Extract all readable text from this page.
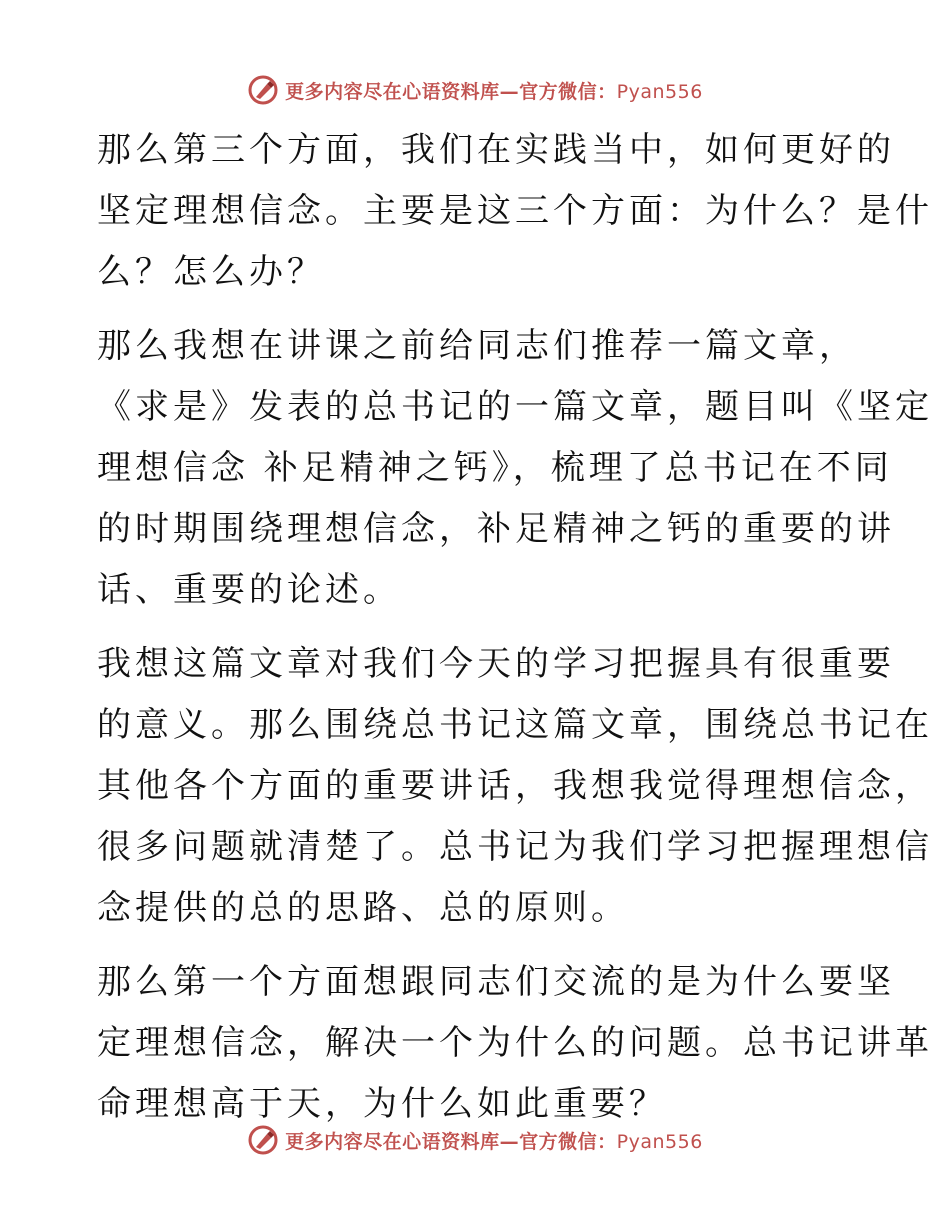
更多内容尽在心语资料库—官方微信：Pyan556

那么第三个方面，我们在实践当中，如何更好的
坚定理想信念。主要是这三个方面：为什么？是什
么？怎么办？

那么我想在讲课之前给同志们推荐一篇文章，
《求是》发表的总书记的一篇文章，题目叫《坚定
理想信念 补足精神之钙》，梳理了总书记在不同
的时期围绕理想信念，补足精神之钙的重要的讲
话、重要的论述。

我想这篇文章对我们今天的学习把握具有很重要
的意义。那么围绕总书记这篇文章，围绕总书记在
其他各个方面的重要讲话，我想我觉得理想信念，
很多问题就清楚了。总书记为我们学习把握理想信
念提供的总的思路、总的原则。

那么第一个方面想跟同志们交流的是为什么要坚
定理想信念，解决一个为什么的问题。总书记讲革
命理想高于天，为什么如此重要？

更多内容尽在心语资料库—官方微信：Pyan556
